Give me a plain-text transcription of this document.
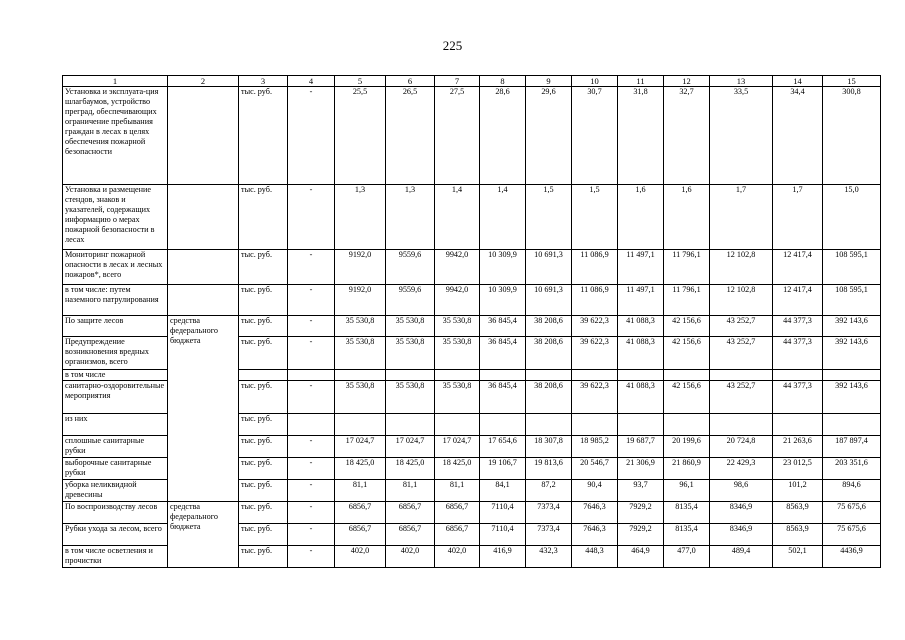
225
1	2	3	4	5	6	7	8	9	10	11	12	13	14	15
Установка и эксплуата-ция шлагбаумов, устройство преград, обеспечивающих ограничение пребывания граждан в лесах в целях обеспечения пожарной безопасности		тыс. руб.	-	25,5	26,5	27,5	28,6	29,6	30,7	31,8	32,7	33,5	34,4	300,8
Установка и размещение стендов, знаков и указателей, содержащих информацию о мерах пожарной безопасности в лесах		тыс. руб.	-	1,3	1,3	1,4	1,4	1,5	1,5	1,6	1,6	1,7	1,7	15,0
Мониторинг пожарной опасности в лесах и лесных пожаров*, всего		тыс. руб.	-	9192,0	9559,6	9942,0	10 309,9	10 691,3	11 086,9	11 497,1	11 796,1	12 102,8	12 417,4	108 595,1
в том числе: путем наземного патрулирования		тыс. руб.	-	9192,0	9559,6	9942,0	10 309,9	10 691,3	11 086,9	11 497,1	11 796,1	12 102,8	12 417,4	108 595,1
По защите лесов	средства федерального бюджета	тыс. руб.	-	35 530,8	35 530,8	35 530,8	36 845,4	38 208,6	39 622,3	41 088,3	42 156,6	43 252,7	44 377,3	392 143,6
Предупреждение возникновения вредных организмов, всего		тыс. руб.	-	35 530,8	35 530,8	35 530,8	36 845,4	38 208,6	39 622,3	41 088,3	42 156,6	43 252,7	44 377,3	392 143,6
в том числе														
санитарно-оздоровительные мероприятия		тыс. руб.	-	35 530,8	35 530,8	35 530,8	36 845,4	38 208,6	39 622,3	41 088,3	42 156,6	43 252,7	44 377,3	392 143,6
из них		тыс. руб.												
сплошные санитарные рубки		тыс. руб.	-	17 024,7	17 024,7	17 024,7	17 654,6	18 307,8	18 985,2	19 687,7	20 199,6	20 724,8	21 263,6	187 897,4
выборочные санитарные рубки		тыс. руб.	-	18 425,0	18 425,0	18 425,0	19 106,7	19 813,6	20 546,7	21 306,9	21 860,9	22 429,3	23 012,5	203 351,6
уборка неликвидной древесины		тыс. руб.	-	81,1	81,1	81,1	84,1	87,2	90,4	93,7	96,1	98,6	101,2	894,6
По воспроизводству лесов	средства федерального бюджета	тыс. руб.	-	6856,7	6856,7	6856,7	7110,4	7373,4	7646,3	7929,2	8135,4	8346,9	8563,9	75 675,6
Рубки ухода за лесом, всего		тыс. руб.	-	6856,7	6856,7	6856,7	7110,4	7373,4	7646,3	7929,2	8135,4	8346,9	8563,9	75 675,6
в том числе осветления и прочистки		тыс. руб.	-	402,0	402,0	402,0	416,9	432,3	448,3	464,9	477,0	489,4	502,1	4436,9
